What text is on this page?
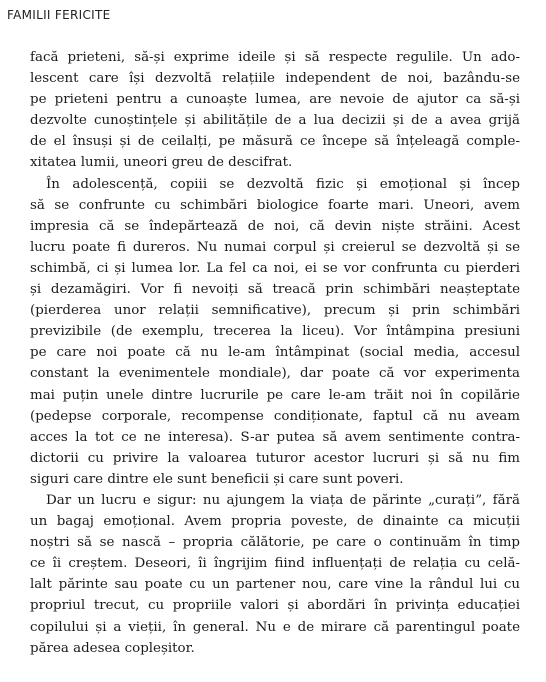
FAMILII FERICITE

facă prieteni, să-și exprime ideile și să respecte regulile. Un ado-
lescent care își dezvoltă relațiile independent de noi, bazându-se
pe prieteni pentru a cunoaște lumea, are nevoie de ajutor ca să-și
dezvolte cunoștințele și abilitățile de a lua decizii și de a avea grijă
de el însuși și de ceilalți, pe măsură ce începe să înțeleagă comple-
xitatea lumii, uneori greu de descifrat.

În adolescență, copiii se dezvoltă fizic și emoțional și încep
să se confrunte cu schimbări biologice foarte mari. Uneori, avem
impresia că se îndepărtează de noi, că devin niște străini. Acest
lucru poate fi dureros. Nu numai corpul și creierul se dezvoltă și se
schimbă, ci și lumea lor. La fel ca noi, ei se vor confrunta cu pierderi
și dezamăgiri. Vor fi nevoiți să treacă prin schimbări neașteptate
(pierderea unor relații semnificative), precum și prin schimbări
previzibile (de exemplu, trecerea la liceu). Vor întâmpina presiuni
pe care noi poate că nu le-am întâmpinat (social media, accesul
constant la evenimentele mondiale), dar poate că vor experimenta
mai puțin unele dintre lucrurile pe care le-am trăit noi în copilărie
(pedepse corporale, recompense condiționate, faptul că nu aveam
acces la tot ce ne interesa). S-ar putea să avem sentimente contra-
dictorii cu privire la valoarea tuturor acestor lucruri și să nu fim
siguri care dintre ele sunt beneficii și care sunt poveri.

Dar un lucru e sigur: nu ajungem la viața de părinte „curați”, fără
un bagaj emoțional. Avem propria poveste, de dinainte ca micuții
noștri să se nască – propria călătorie, pe care o continuăm în timp
ce îi creștem. Deseori, îi îngrijim fiind influențați de relația cu celă-
lalt părinte sau poate cu un partener nou, care vine la rândul lui cu
propriul trecut, cu propriile valori și abordări în privința educației
copilului și a vieții, în general. Nu e de mirare că parentingul poate
părea adesea copleșitor.
